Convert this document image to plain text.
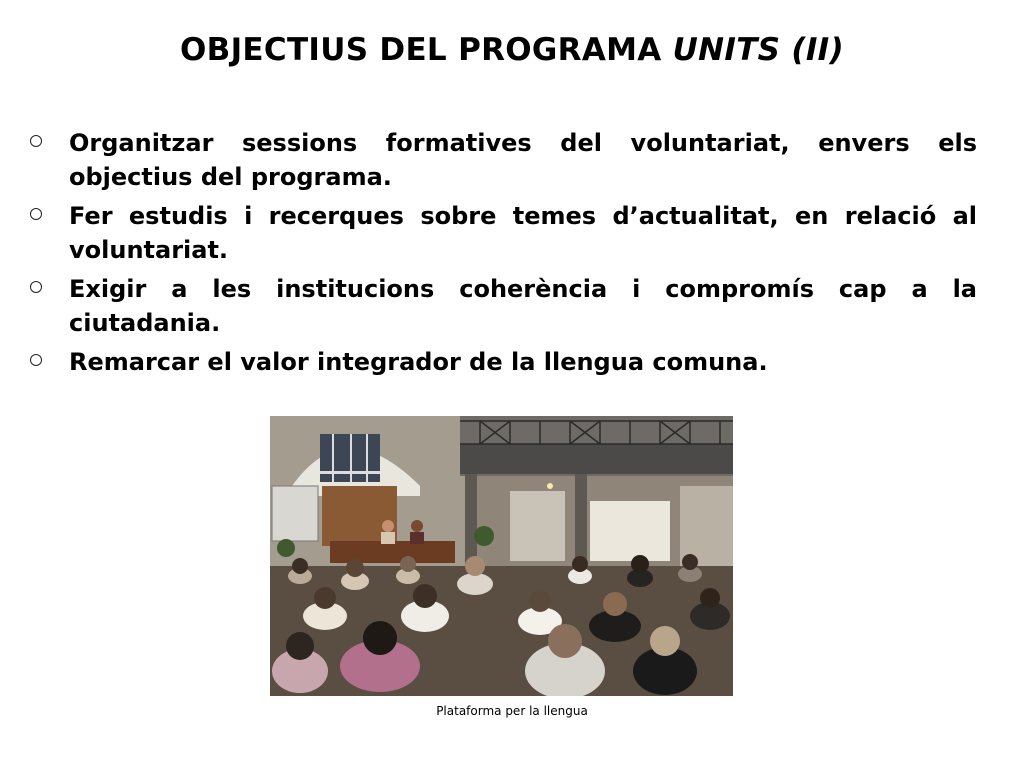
OBJECTIUS DEL PROGRAMA UNITS (II)
Organitzar sessions formatives del voluntariat, envers els objectius del programa.
Fer estudis i recerques sobre temes d’actualitat, en relació al voluntariat.
Exigir a les institucions coherència i compromís cap a la ciutadania.
Remarcar el valor integrador de la llengua comuna.
Plataforma per la llengua
